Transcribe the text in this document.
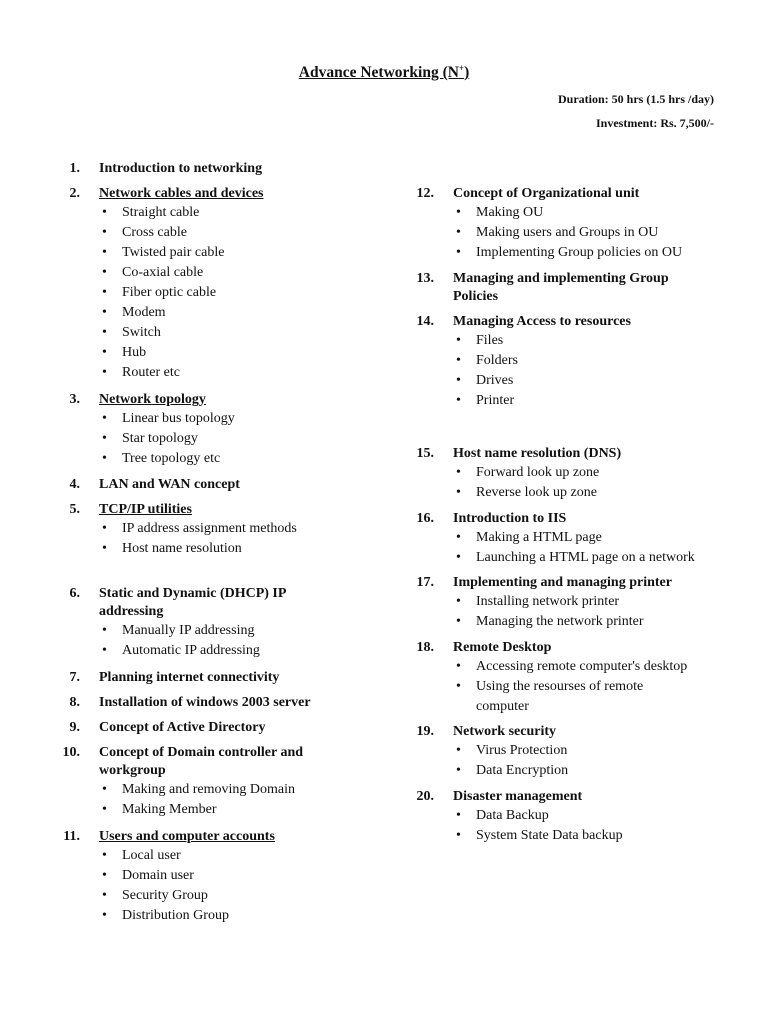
Advance Networking (N+)
Duration: 50 hrs (1.5 hrs /day)
Investment: Rs. 7,500/-
1. Introduction to networking
2. Network cables and devices
• Straight cable
• Cross cable
• Twisted pair cable
• Co-axial cable
• Fiber optic cable
• Modem
• Switch
• Hub
• Router etc
3. Network topology
• Linear bus topology
• Star topology
• Tree topology etc
4. LAN and WAN concept
5. TCP/IP utilities
• IP address assignment methods
• Host name resolution
6. Static and Dynamic (DHCP) IP addressing
• Manually IP addressing
• Automatic IP addressing
7. Planning internet connectivity
8. Installation of windows 2003 server
9. Concept of Active Directory
10. Concept of Domain controller and workgroup
• Making and removing Domain
• Making Member
11. Users and computer accounts
• Local user
• Domain user
• Security Group
• Distribution Group
12. Concept of Organizational unit
• Making OU
• Making users and Groups in OU
• Implementing Group policies on OU
13. Managing and implementing Group Policies
14. Managing Access to resources
• Files
• Folders
• Drives
• Printer
15. Host name resolution (DNS)
• Forward look up zone
• Reverse look up zone
16. Introduction to IIS
• Making a HTML page
• Launching a HTML page on a network
17. Implementing and managing printer
• Installing network printer
• Managing the network printer
18. Remote Desktop
• Accessing remote computer's desktop
• Using the resourses of remote computer
19. Network security
• Virus Protection
• Data Encryption
20. Disaster management
• Data Backup
• System State Data backup
